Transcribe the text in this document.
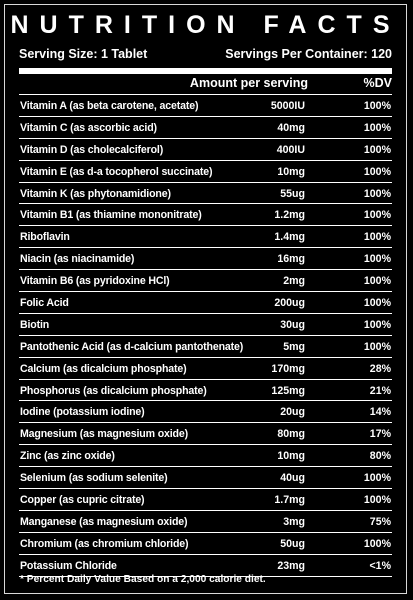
NUTRITION FACTS
Serving Size: 1 Tablet	Servings Per Container: 120
Amount per serving	%DV
Vitamin A (as beta carotene, acetate)	5000IU	100%
Vitamin C (as ascorbic acid)	40mg	100%
Vitamin D (as cholecalciferol)	400IU	100%
Vitamin E (as d-a tocopherol succinate)	10mg	100%
Vitamin K (as phytonamidione)	55ug	100%
Vitamin B1 (as thiamine mononitrate)	1.2mg	100%
Riboflavin	1.4mg	100%
Niacin (as niacinamide)	16mg	100%
Vitamin B6 (as pyridoxine HCl)	2mg	100%
Folic Acid	200ug	100%
Biotin	30ug	100%
Pantothenic Acid (as d-calcium pantothenate)	5mg	100%
Calcium (as dicalcium phosphate)	170mg	28%
Phosphorus (as dicalcium phosphate)	125mg	21%
Iodine (potassium iodine)	20ug	14%
Magnesium (as magnesium oxide)	80mg	17%
Zinc (as zinc oxide)	10mg	80%
Selenium (as sodium selenite)	40ug	100%
Copper (as cupric citrate)	1.7mg	100%
Manganese (as magnesium oxide)	3mg	75%
Chromium (as chromium chloride)	50ug	100%
Potassium Chloride	23mg	<1%
* Percent Daily Value Based on a 2,000 calorie diet.
